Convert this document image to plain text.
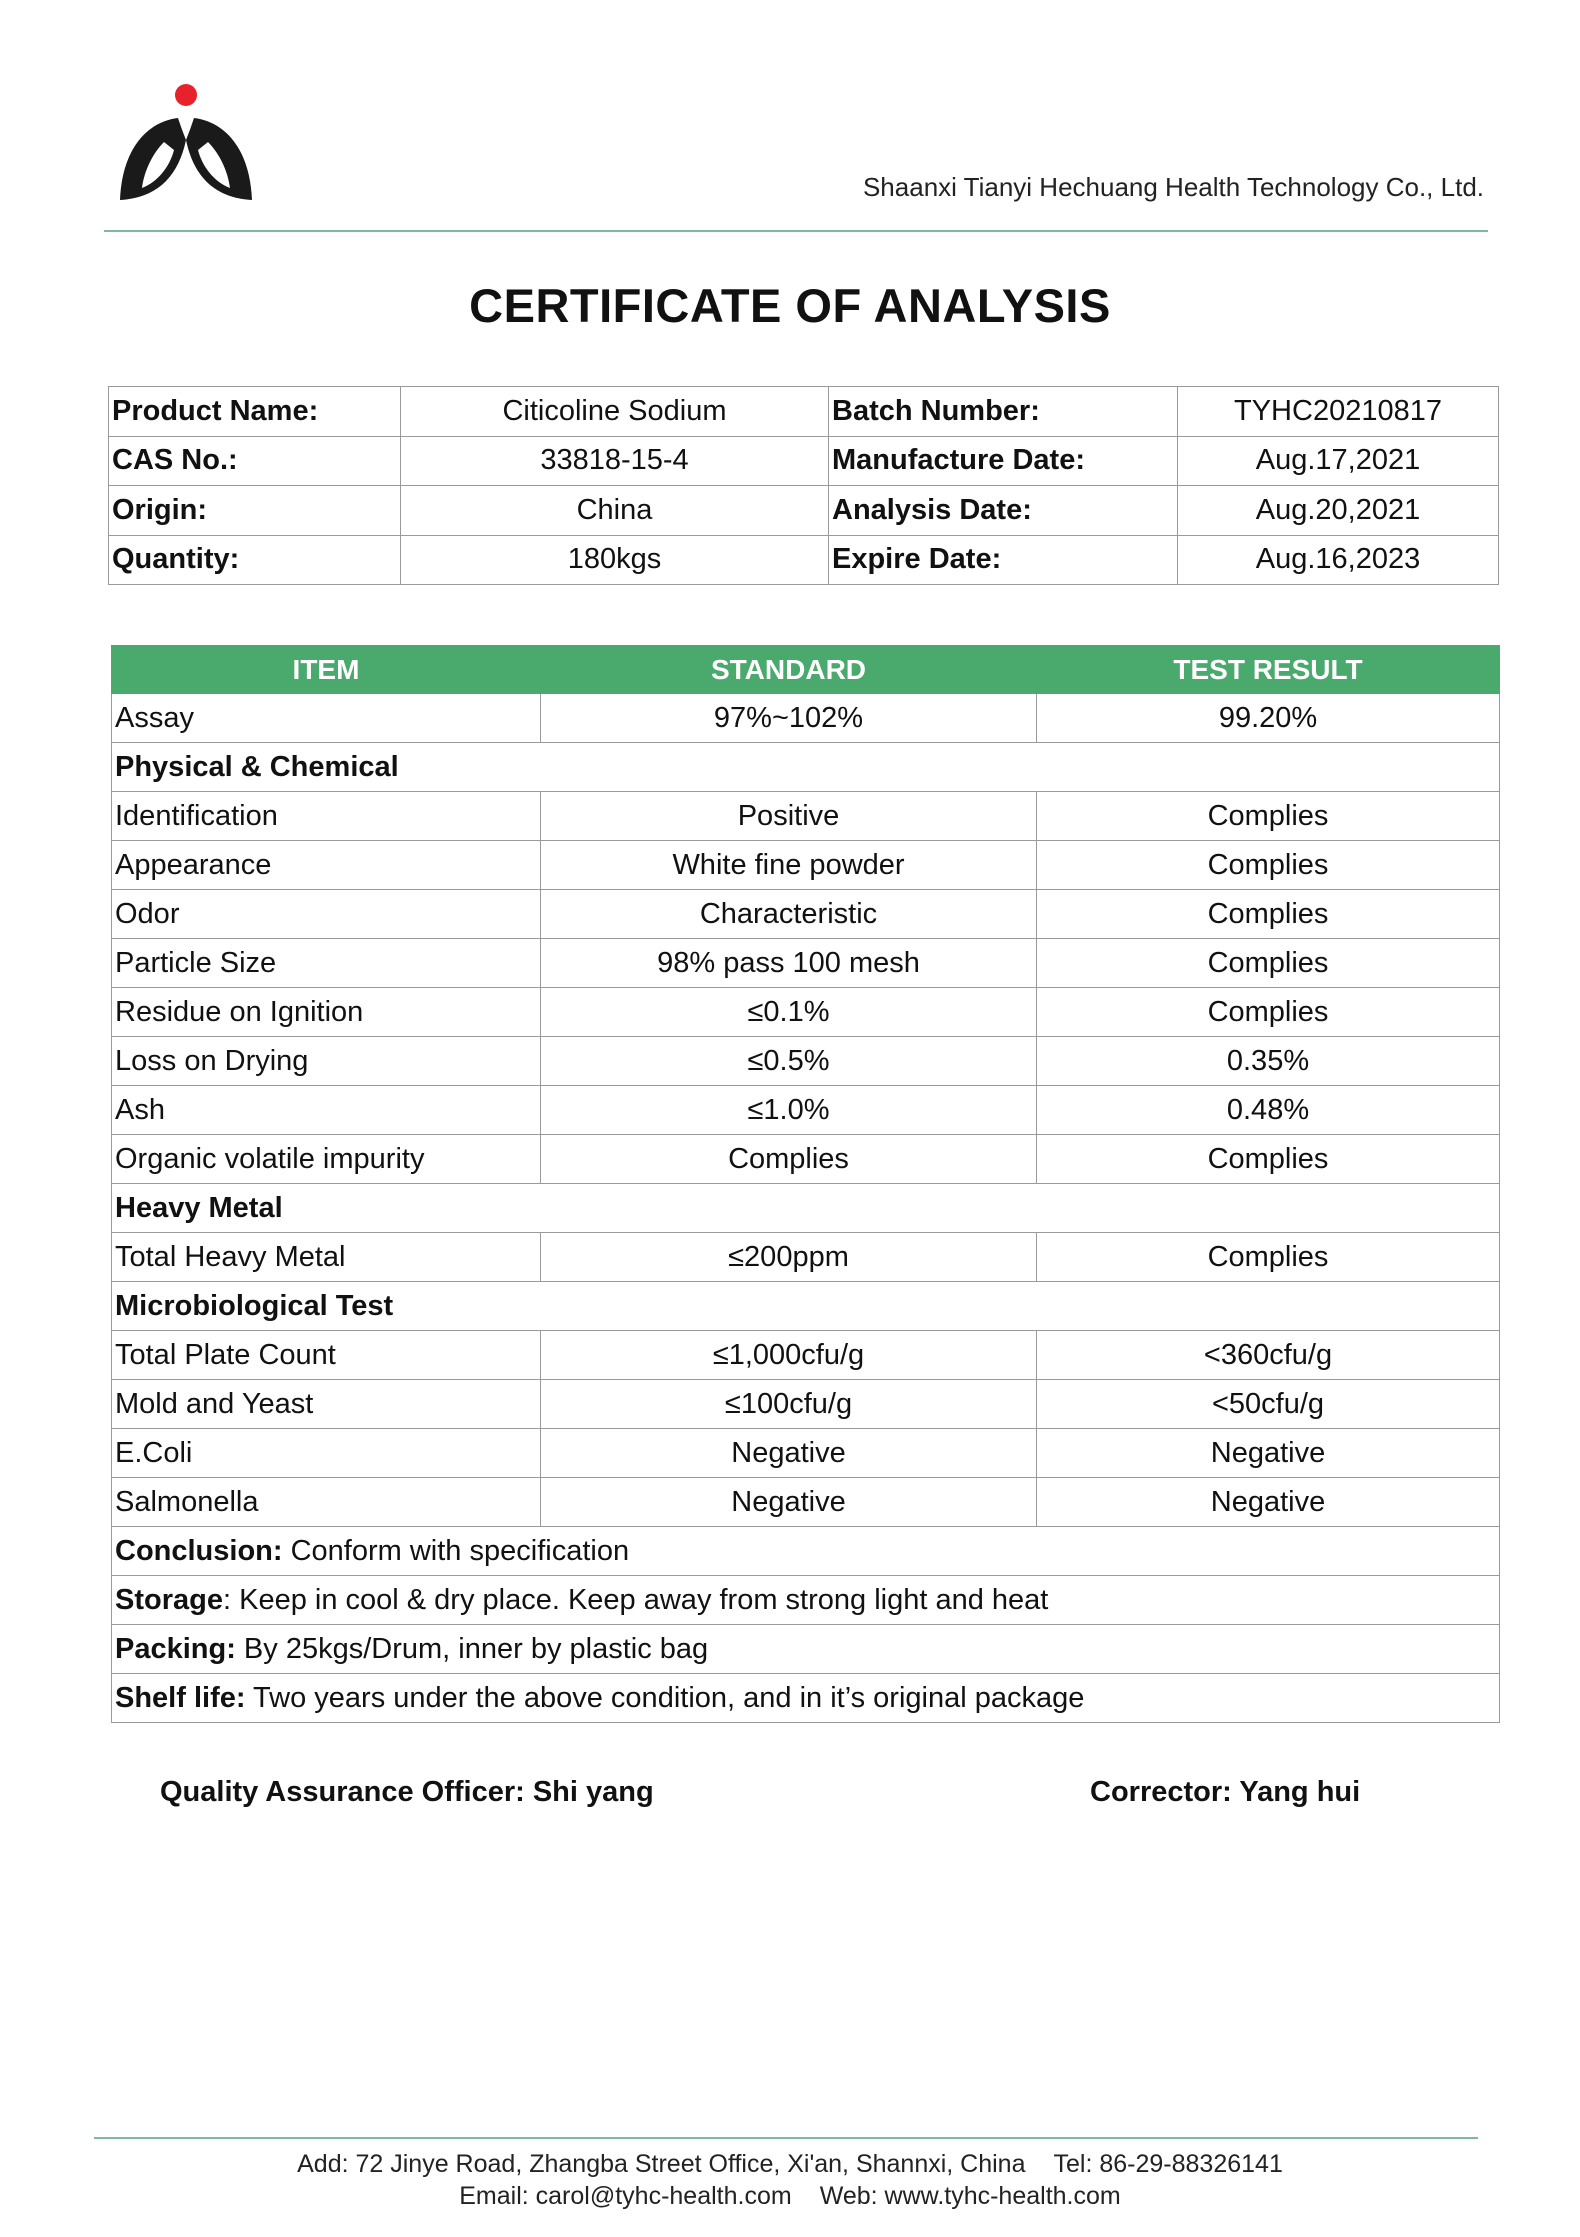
Shaanxi Tianyi Hechuang Health Technology Co., Ltd.
CERTIFICATE OF ANALYSIS
Product Name:	Citicoline Sodium	Batch Number:	TYHC20210817
CAS No.:	33818-15-4	Manufacture Date:	Aug.17,2021
Origin:	China	Analysis Date:	Aug.20,2021
Quantity:	180kgs	Expire Date:	Aug.16,2023
ITEM	STANDARD	TEST RESULT
Assay	97%~102%	99.20%
Physical & Chemical		
Identification	Positive	Complies
Appearance	White fine powder	Complies
Odor	Characteristic	Complies
Particle Size	98% pass 100 mesh	Complies
Residue on Ignition	≤0.1%	Complies
Loss on Drying	≤0.5%	0.35%
Ash	≤1.0%	0.48%
Organic volatile impurity	Complies	Complies
Heavy Metal		
Total Heavy Metal	≤200ppm	Complies
Microbiological Test		
Total Plate Count	≤1,000cfu/g	<360cfu/g
Mold and Yeast	≤100cfu/g	<50cfu/g
E.Coli	Negative	Negative
Salmonella	Negative	Negative
Conclusion: Conform with specification		
Storage: Keep in cool & dry place. Keep away from strong light and heat		
Packing: By 25kgs/Drum, inner by plastic bag		
Shelf life: Two years under the above condition, and in it’s original package		
Quality Assurance Officer: Shi yang	Corrector: Yang hui
Add: 72 Jinye Road, Zhangba Street Office, Xi'an, Shannxi, China Tel: 86-29-88326141
Email: carol@tyhc-health.com Web: www.tyhc-health.com
